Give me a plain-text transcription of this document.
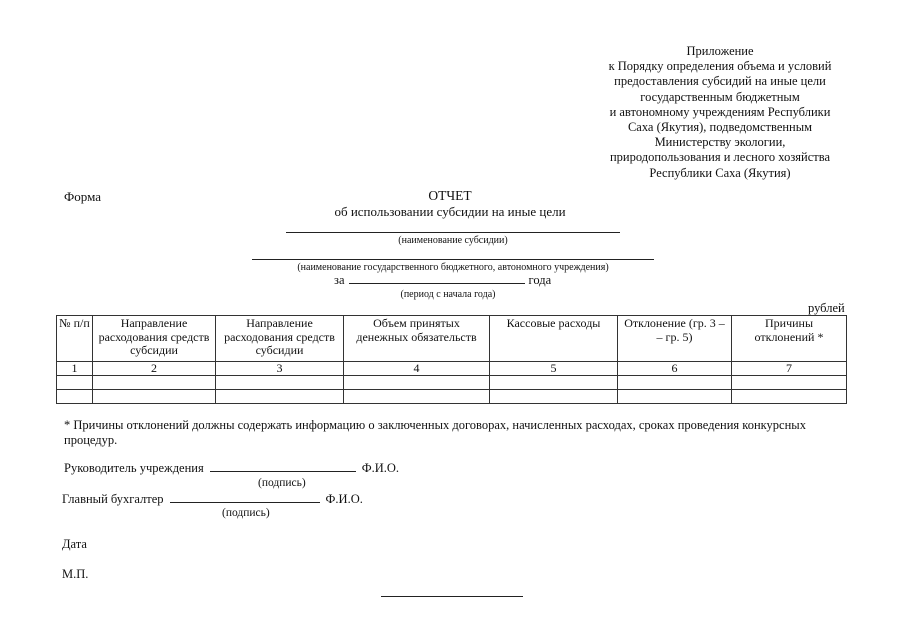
Приложение
к Порядку определения объема и условий
предоставления субсидий на иные цели
государственным бюджетным
и автономному учреждениям Республики
Саха (Якутия), подведомственным
Министерству экологии,
природопользования и лесного хозяйства
Республики Саха (Якутия)
Форма	ОТЧЕТ
об использовании субсидии на иные цели
(наименование субсидии)
(наименование государственного бюджетного, автономного учреждения)
за	года
(период с начала года)
рублей
№ п/п	Направление расходования средств субсидии	Направление расходования средств субсидии	Объем принятых денежных обязательств	Кассовые расходы	Отклонение (гр. 3 – – гр. 5)	Причины отклонений *
1	2	3	4	5	6	7

* Причины отклонений должны содержать информацию о заключенных договорах, начисленных расходах, сроках проведения конкурсных процедур.
Руководитель учреждения	Ф.И.О.
(подпись)
Главный бухгалтер	Ф.И.О.
(подпись)
Дата
М.П.
